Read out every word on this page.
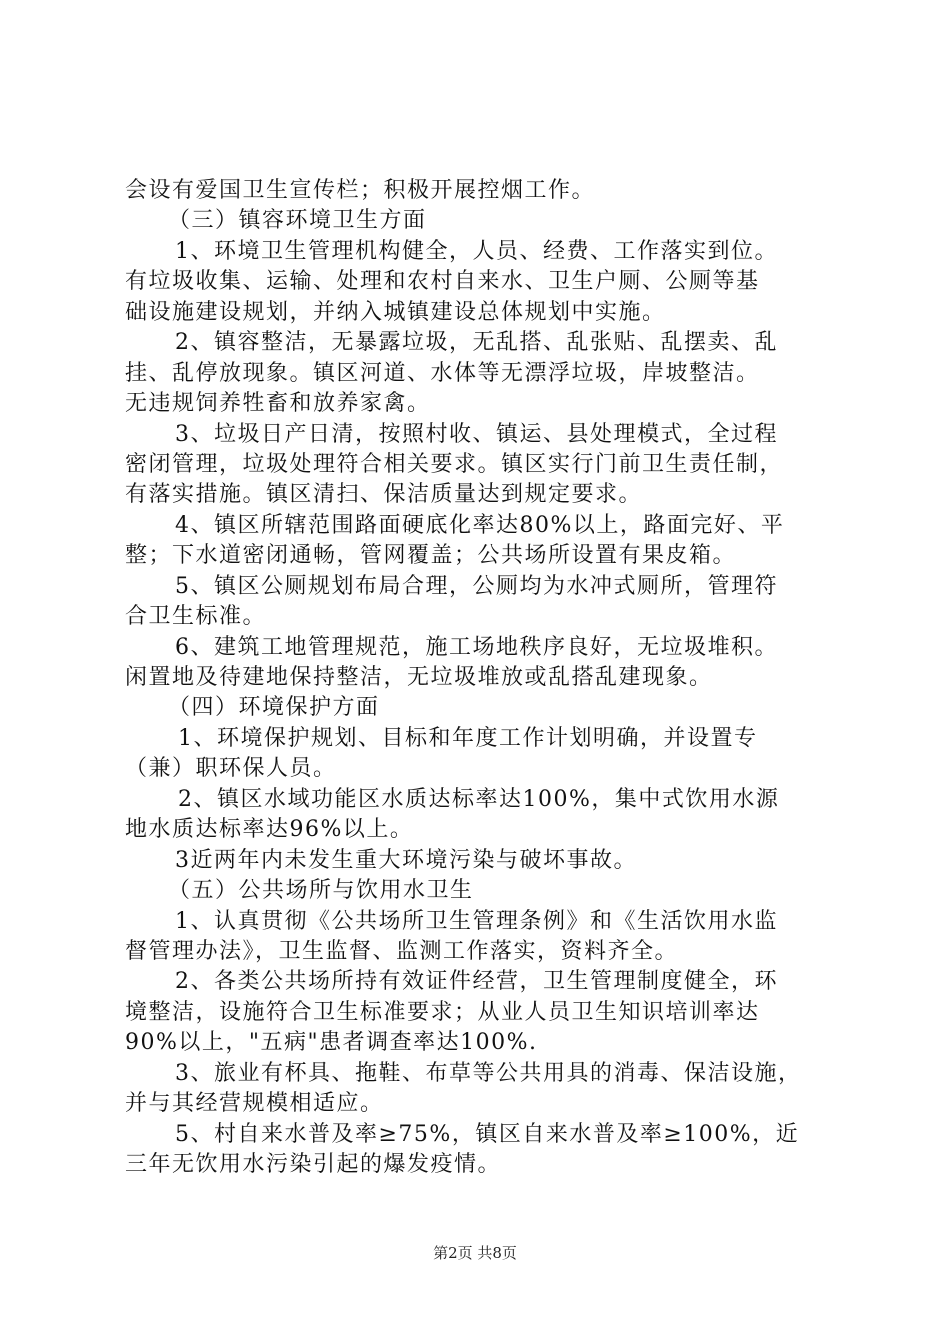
会设有爱国卫生宣传栏；积极开展控烟工作。
（三）镇容环境卫生方面
1、环境卫生管理机构健全，人员、经费、工作落实到位。
有垃圾收集、运输、处理和农村自来水、卫生户厕、公厕等基
础设施建设规划，并纳入城镇建设总体规划中实施。
2、镇容整洁，无暴露垃圾，无乱搭、乱张贴、乱摆卖、乱
挂、乱停放现象。镇区河道、水体等无漂浮垃圾，岸坡整洁。
无违规饲养牲畜和放养家禽。
3、垃圾日产日清，按照村收、镇运、县处理模式，全过程
密闭管理，垃圾处理符合相关要求。镇区实行门前卫生责任制，
有落实措施。镇区清扫、保洁质量达到规定要求。
4、镇区所辖范围路面硬底化率达80%以上，路面完好、平
整；下水道密闭通畅，管网覆盖；公共场所设置有果皮箱。
5、镇区公厕规划布局合理，公厕均为水冲式厕所，管理符
合卫生标准。
6、建筑工地管理规范，施工场地秩序良好，无垃圾堆积。
闲置地及待建地保持整洁，无垃圾堆放或乱搭乱建现象。
（四）环境保护方面
1、环境保护规划、目标和年度工作计划明确，并设置专
（兼）职环保人员。
2、镇区水域功能区水质达标率达100%，集中式饮用水源
地水质达标率达96%以上。
3近两年内未发生重大环境污染与破坏事故。
（五）公共场所与饮用水卫生
1、认真贯彻《公共场所卫生管理条例》和《生活饮用水监
督管理办法》，卫生监督、监测工作落实，资料齐全。
2、各类公共场所持有效证件经营，卫生管理制度健全，环
境整洁，设施符合卫生标准要求；从业人员卫生知识培训率达
90%以上，"五病"患者调查率达100%.
3、旅业有杯具、拖鞋、布草等公共用具的消毒、保洁设施，
并与其经营规模相适应。
5、村自来水普及率≥75%，镇区自来水普及率≥100%，近
三年无饮用水污染引起的爆发疫情。
第2页 共8页
